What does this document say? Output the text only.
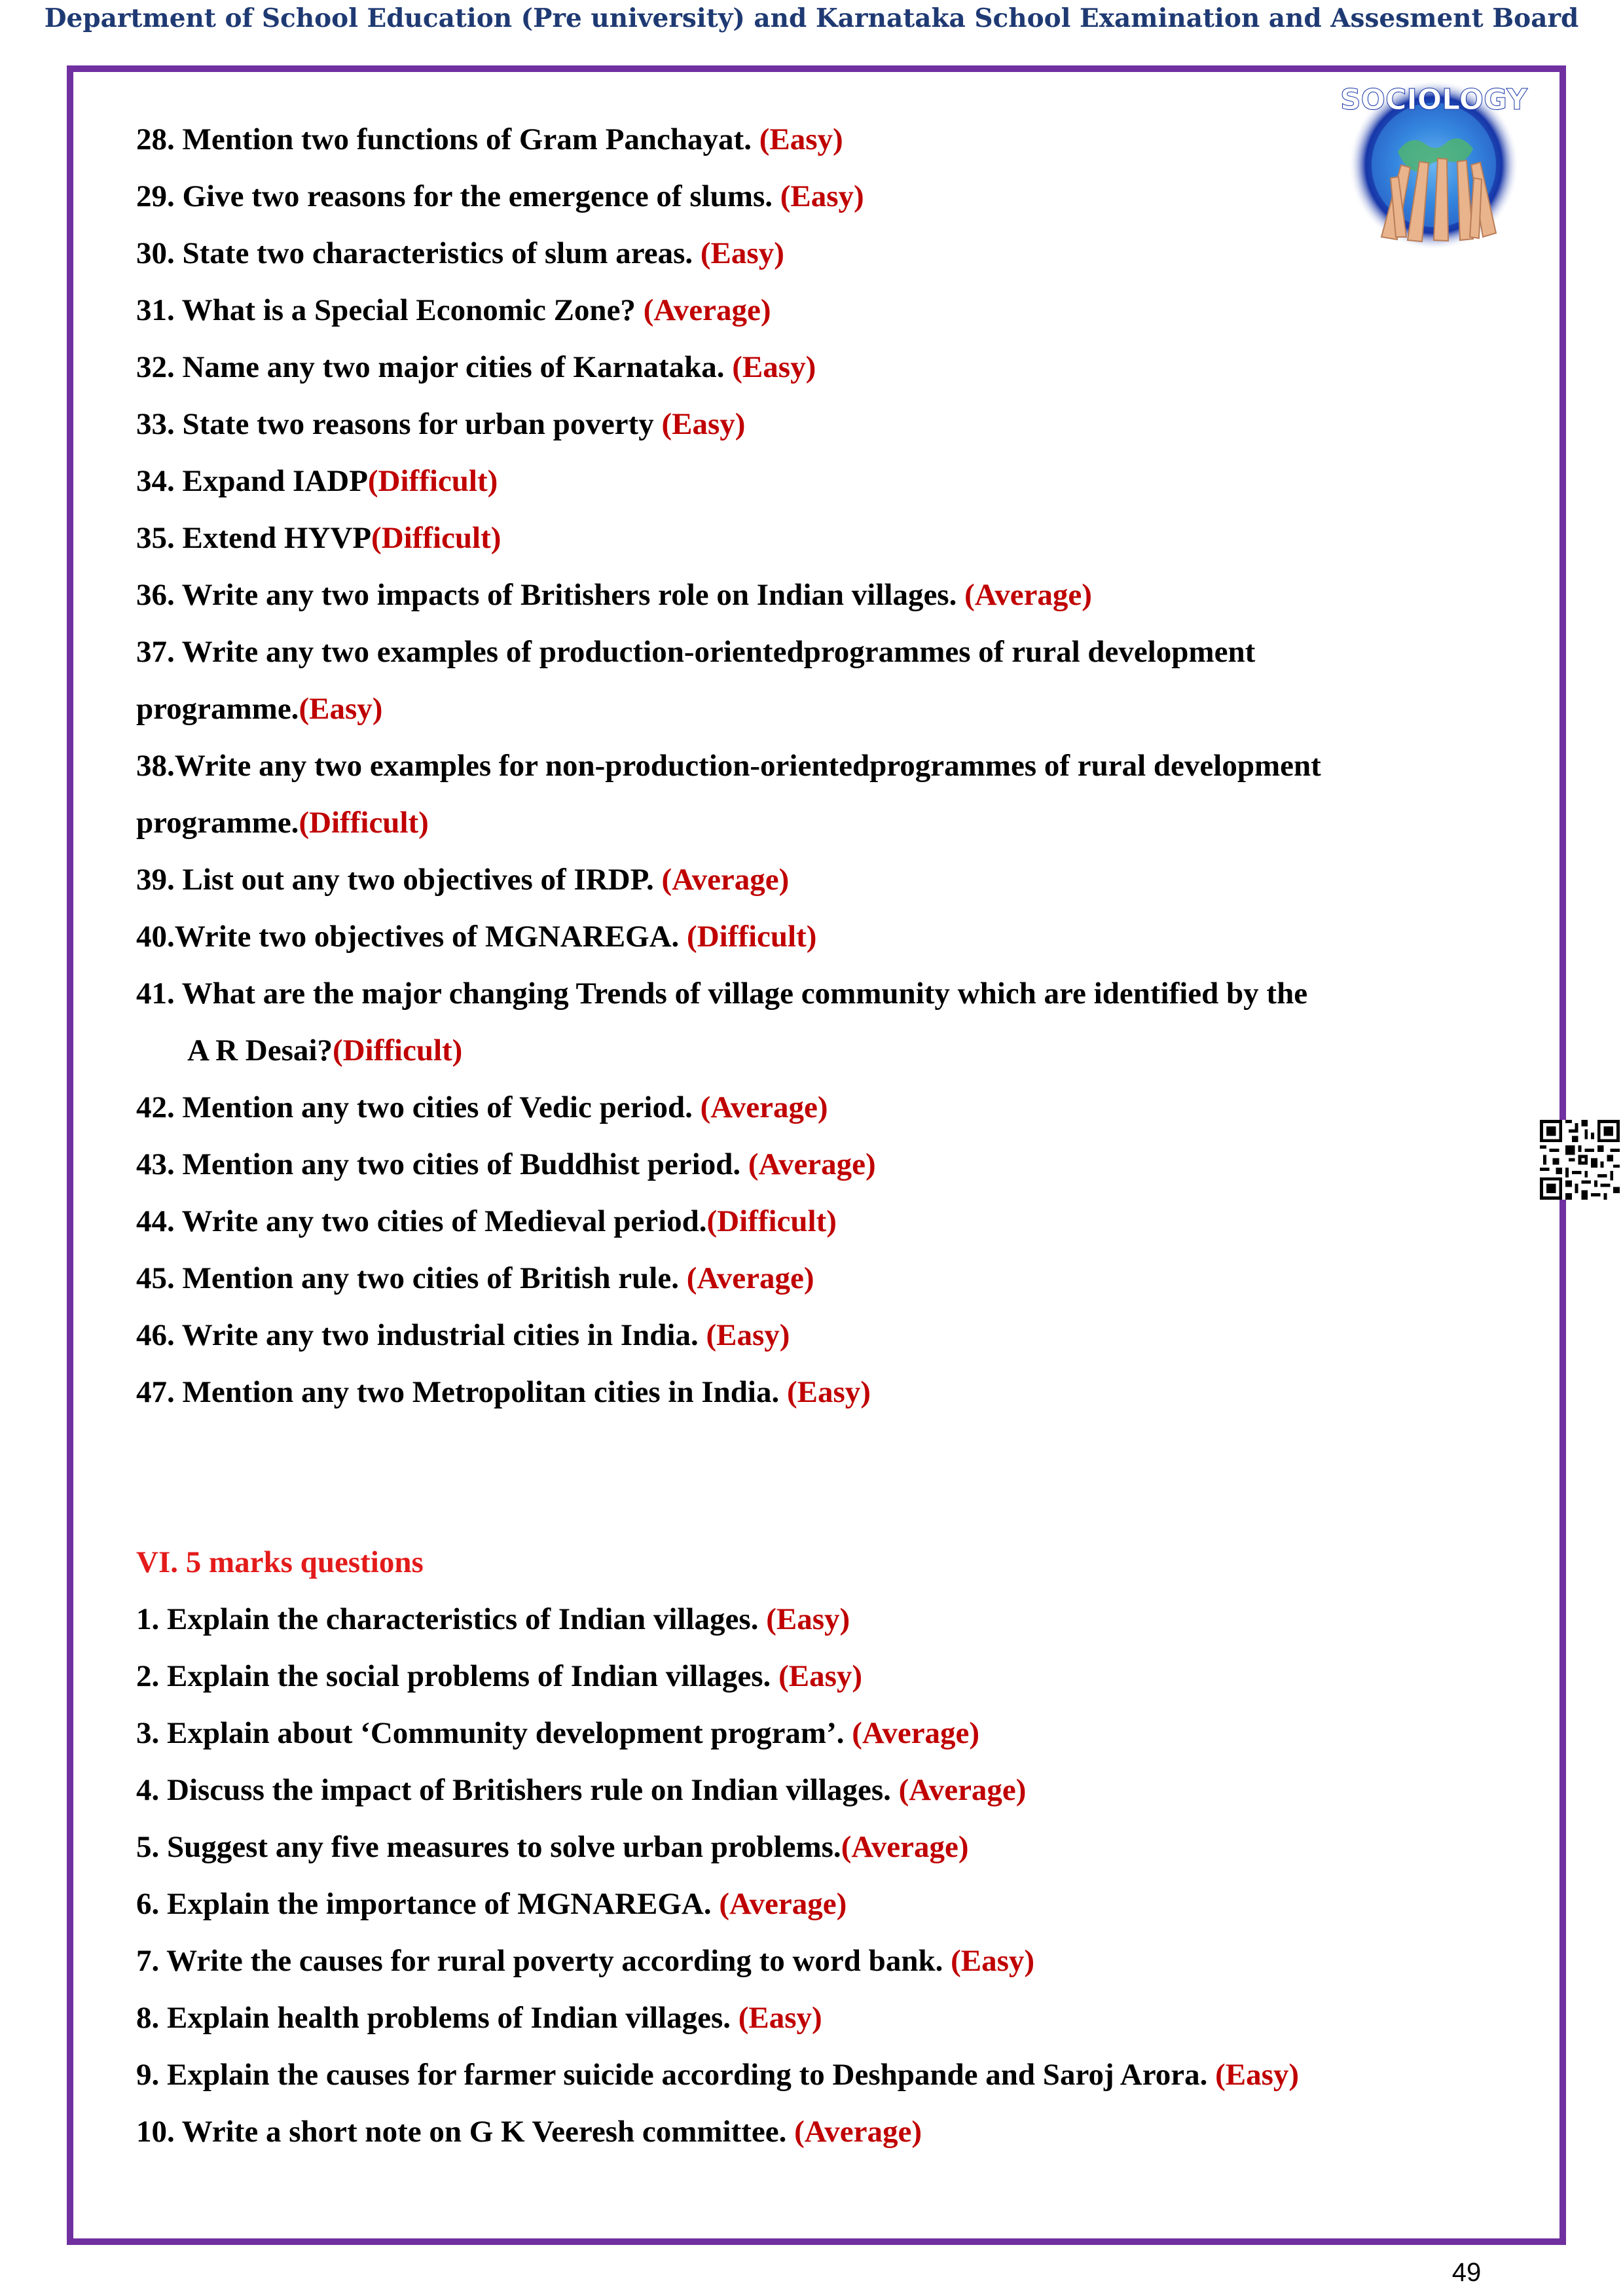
Department of School Education (Pre university) and Karnataka School Examination and Assesment Board
SOCIOLOGY
28. Mention two functions of Gram Panchayat. (Easy)
29. Give two reasons for the emergence of slums. (Easy)
30. State two characteristics of slum areas. (Easy)
31. What is a Special Economic Zone? (Average)
32. Name any two major cities of Karnataka. (Easy)
33. State two reasons for urban poverty (Easy)
34. Expand IADP(Difficult)
35. Extend HYVP(Difficult)
36. Write any two impacts of Britishers role on Indian villages. (Average)
37. Write any two examples of production-orientedprogrammes of rural development
programme.(Easy)
38.Write any two examples for non-production-orientedprogrammes of rural development
programme.(Difficult)
39. List out any two objectives of IRDP. (Average)
40.Write two objectives of MGNAREGA. (Difficult)
41. What are the major changing Trends of village community which are identified by the
A R Desai?(Difficult)
42. Mention any two cities of Vedic period. (Average)
43. Mention any two cities of Buddhist period. (Average)
44. Write any two cities of Medieval period.(Difficult)
45. Mention any two cities of British rule. (Average)
46. Write any two industrial cities in India. (Easy)
47. Mention any two Metropolitan cities in India. (Easy)
VI. 5 marks questions
1. Explain the characteristics of Indian villages. (Easy)
2. Explain the social problems of Indian villages. (Easy)
3. Explain about ‘Community development program’. (Average)
4. Discuss the impact of Britishers rule on Indian villages. (Average)
5. Suggest any five measures to solve urban problems.(Average)
6. Explain the importance of MGNAREGA. (Average)
7. Write the causes for rural poverty according to word bank. (Easy)
8. Explain health problems of Indian villages. (Easy)
9. Explain the causes for farmer suicide according to Deshpande and Saroj Arora. (Easy)
10. Write a short note on G K Veeresh committee. (Average)
49
